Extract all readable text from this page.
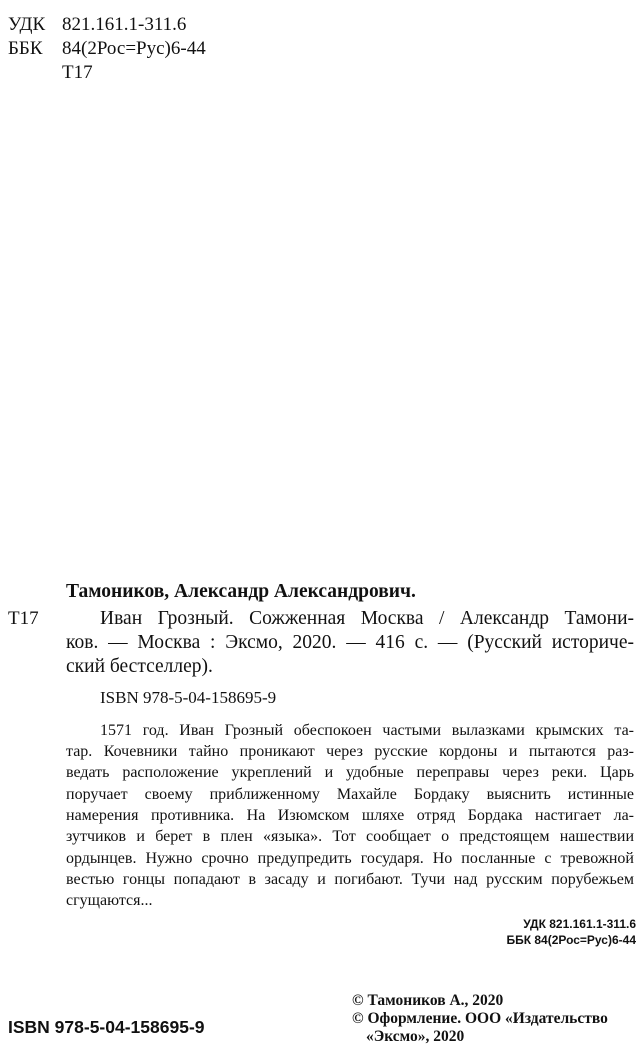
УДК 821.161.1-311.6
ББК 84(2Рос=Рус)6-44
Т17
Тамоников, Александр Александрович.
Т17	Иван Грозный. Сожженная Москва / Александр Тамони-
ков. — Москва : Эксмо, 2020. — 416 с. — (Русский историче-
ский бестселлер).
ISBN 978-5-04-158695-9
1571 год. Иван Грозный обеспокоен частыми вылазками крымских та-
тар. Кочевники тайно проникают через русские кордоны и пытаются раз-
ведать расположение укреплений и удобные переправы через реки. Царь
поручает своему приближенному Махайле Бордаку выяснить истинные
намерения противника. На Изюмском шляхе отряд Бордака настигает ла-
зутчиков и берет в плен «языка». Тот сообщает о предстоящем нашествии
ордынцев. Нужно срочно предупредить государя. Но посланные с тревожной
вестью гонцы попадают в засаду и погибают. Тучи над русским порубежьем
сгущаются...
УДК 821.161.1-311.6
ББК 84(2Рос=Рус)6-44
© Тамоников А., 2020
© Оформление. ООО «Издательство
«Эксмо», 2020
ISBN 978-5-04-158695-9
